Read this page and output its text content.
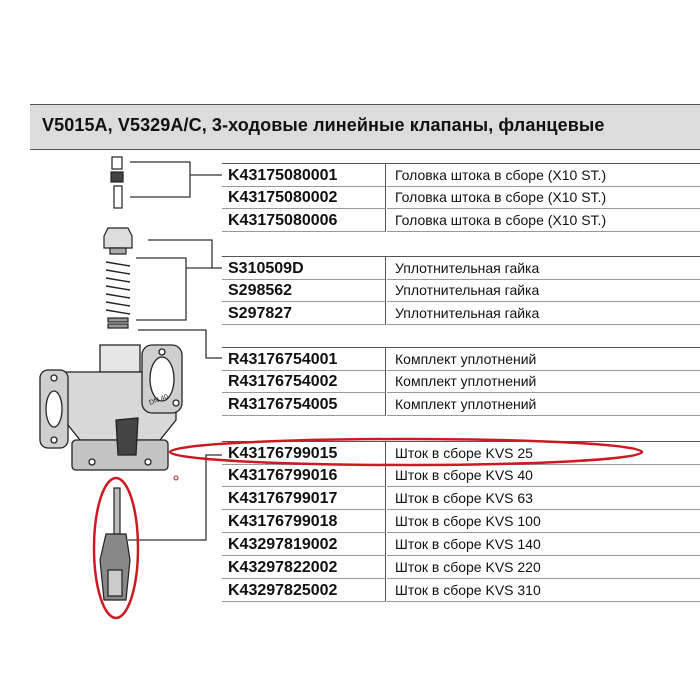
V5015A, V5329A/C, 3-ходовые линейные клапаны, фланцевые
K43175080001	Головка штока в сборе (X10 ST.)
K43175080002	Головка штока в сборе (X10 ST.)
K43175080006	Головка штока в сборе (X10 ST.)
S310509D	Уплотнительная гайка
S298562	Уплотнительная гайка
S297827	Уплотнительная гайка
R43176754001	Комплект уплотнений
R43176754002	Комплект уплотнений
R43176754005	Комплект уплотнений
K43176799015	Шток в сборе KVS 25
K43176799016	Шток в сборе KVS 40
K43176799017	Шток в сборе KVS 63
K43176799018	Шток в сборе KVS 100
K43297819002	Шток в сборе KVS 140
K43297822002	Шток в сборе KVS 220
K43297825002	Шток в сборе KVS 310
DN 40
